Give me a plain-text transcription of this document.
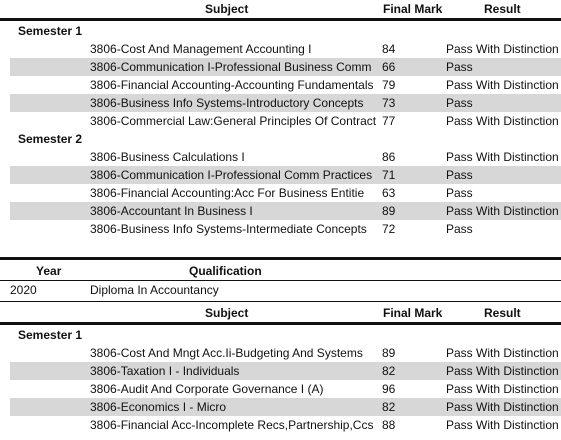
Subject	Final Mark	Result
Semester 1
3806-Cost And Management Accounting I	84	Pass With Distinction
3806-Communication I-Professional Business Comm 66	Pass
3806-Financial Accounting-Accounting Fundamentals 79	Pass With Distinction
3806-Business Info Systems-Introductory Concepts 73	Pass
3806-Commercial Law:General Principles Of Contract 77	Pass With Distinction
Semester 2
3806-Business Calculations I	86	Pass With Distinction
3806-Communication I-Professional Comm Practices 71	Pass
3806-Financial Accounting:Acc For Business Entitie 63	Pass
3806-Accountant In Business I	89	Pass With Distinction
3806-Business Info Systems-Intermediate Concepts 72	Pass
Year	Qualification
2020	Diploma In Accountancy
Subject	Final Mark	Result
Semester 1
3806-Cost And Mngt Acc.Ii-Budgeting And Systems 89	Pass With Distinction
3806-Taxation I - Individuals	82	Pass With Distinction
3806-Audit And Corporate Governance I (A)	96	Pass With Distinction
3806-Economics I - Micro	82	Pass With Distinction
3806-Financial Acc-Incomplete Recs,Partnership,Ccs 88	Pass With Distinction
